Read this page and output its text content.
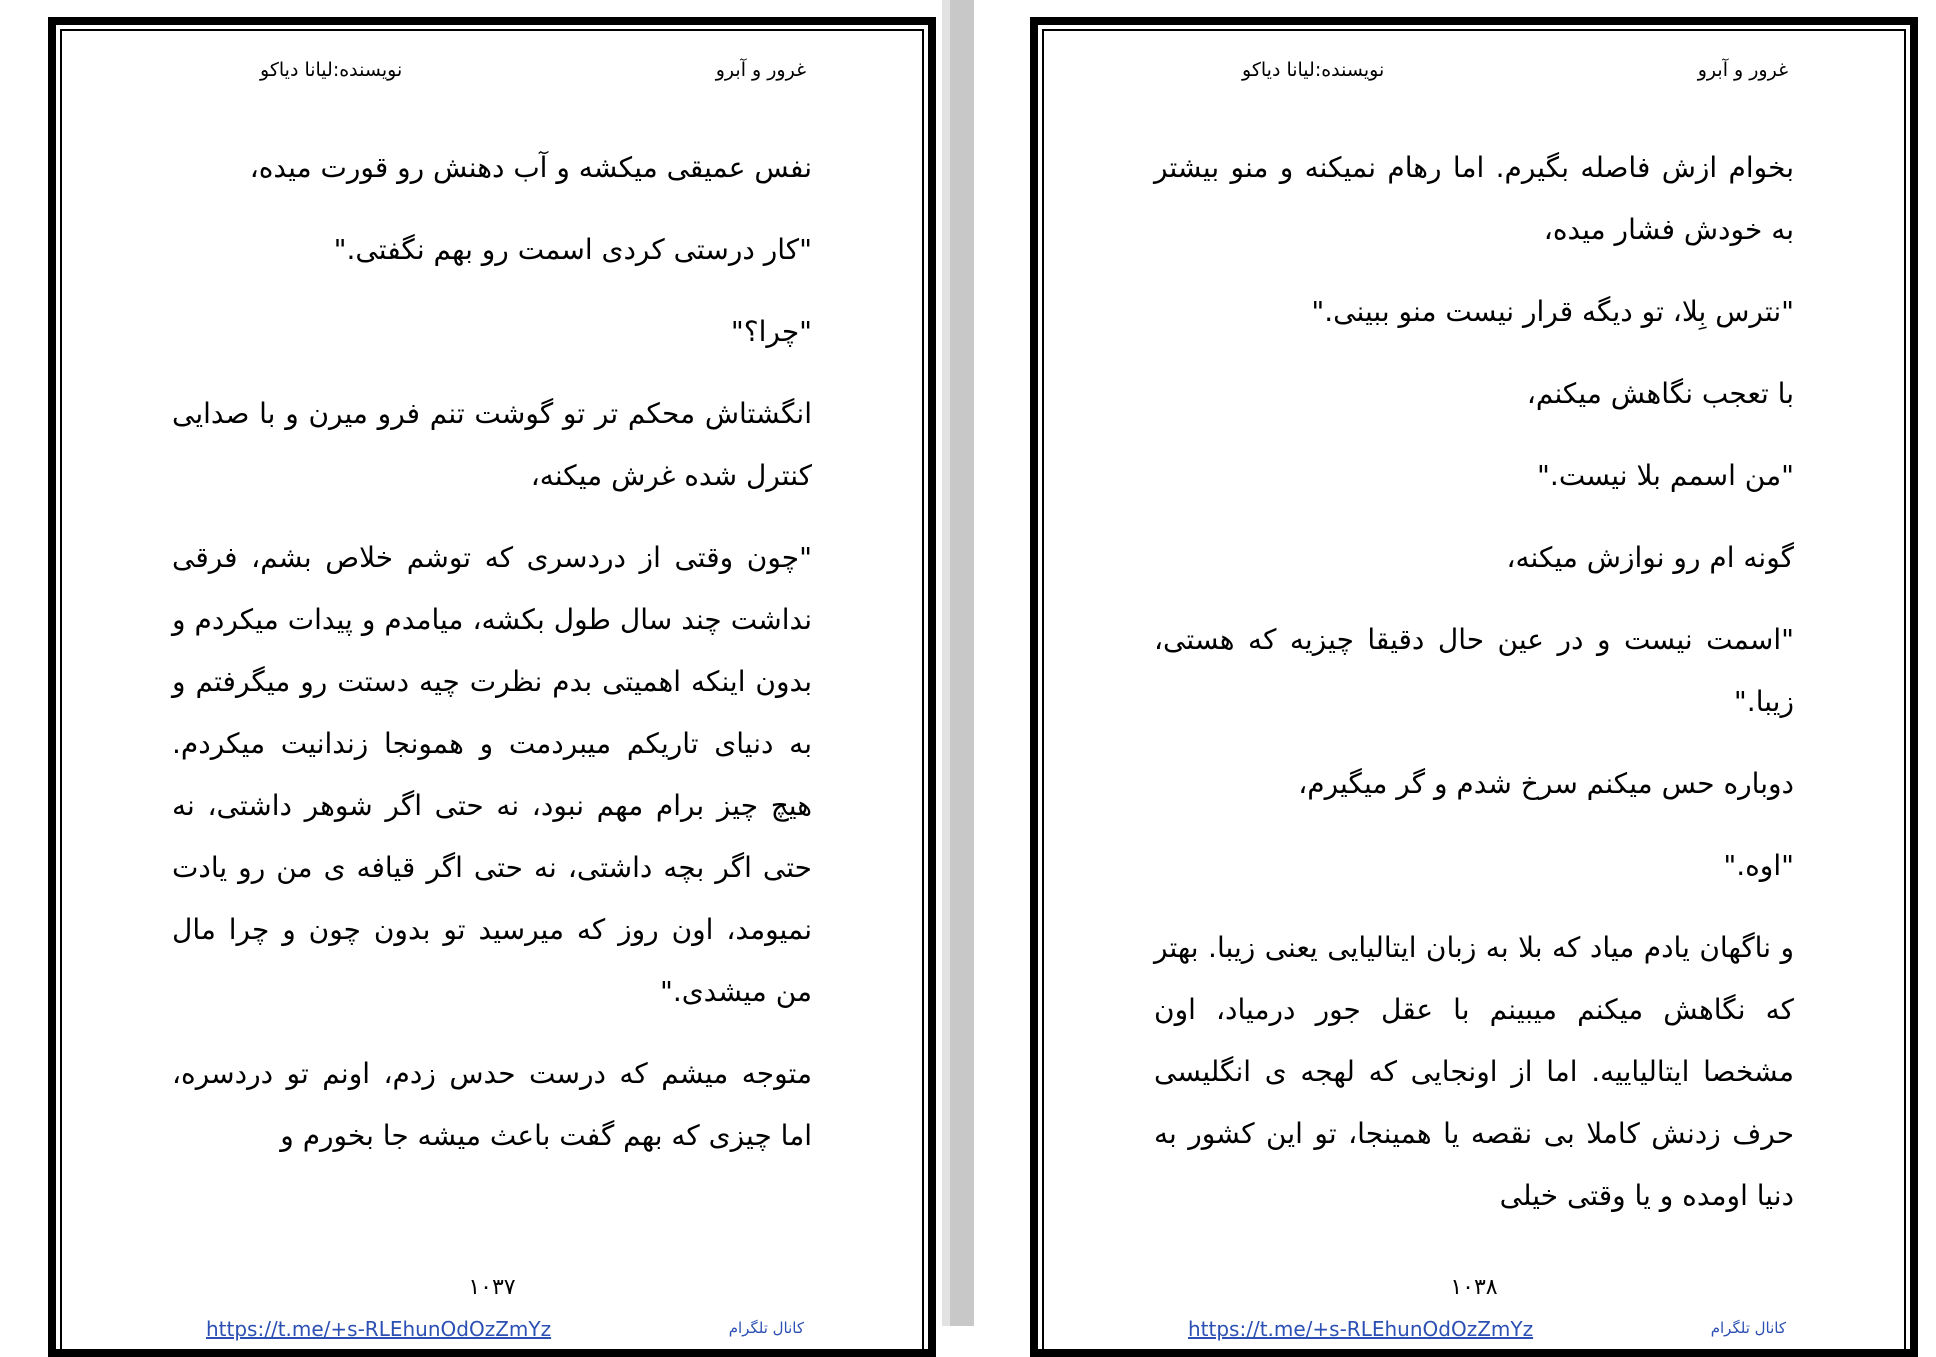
غرور و آبرو
نویسنده:لیانا دیاکو

نفس عمیقی میکشه و آب دهنش رو قورت میده،

"کار درستی کردی اسمت رو بهم نگفتی."

"چرا؟"

انگشتاش محکم تر تو گوشت تنم فرو میرن و با صدایی کنترل شده غرش میکنه،

"چون وقتی از دردسری که توشم خلاص بشم، فرقی نداشت چند سال طول بکشه، میامدم و پیدات میکردم و بدون اینکه اهمیتی بدم نظرت چیه دستت رو میگرفتم و به دنیای تاریکم میبردمت و همونجا زندانیت میکردم. هیچ چیز برام مهم نبود، نه حتی اگر شوهر داشتی، نه حتی اگر بچه داشتی، نه حتی اگر قیافه ی من رو یادت نمیومد، اون روز که میرسید تو بدون چون و چرا مال من میشدی."

متوجه میشم که درست حدس زدم، اونم تو دردسره، اما چیزی که بهم گفت باعث میشه جا بخورم و

۱۰۳۷
https://t.me/+s-RLEhunOdOzZmYz	کانال تلگرام
غرور و آبرو
نویسنده:لیانا دیاکو

بخوام ازش فاصله بگیرم. اما رهام نمیکنه و منو بیشتر به خودش فشار میده،

"نترس بِلا، تو دیگه قرار نیست منو ببینی."

با تعجب نگاهش میکنم،

"من اسمم بلا نیست."

گونه ام رو نوازش میکنه،

"اسمت نیست و در عین حال دقیقا چیزیه که هستی، زیبا."

دوباره حس میکنم سرخ شدم و گر میگیرم،

"اوه."

و ناگهان یادم میاد که بلا به زبان ایتالیایی یعنی زیبا. بهتر که نگاهش میکنم میبینم با عقل جور درمیاد، اون مشخصا ایتالیاییه. اما از اونجایی که لهجه ی انگلیسی حرف زدنش کاملا بی نقصه یا همینجا، تو این کشور به دنیا اومده و یا وقتی خیلی

۱۰۳۸
https://t.me/+s-RLEhunOdOzZmYz	کانال تلگرام
